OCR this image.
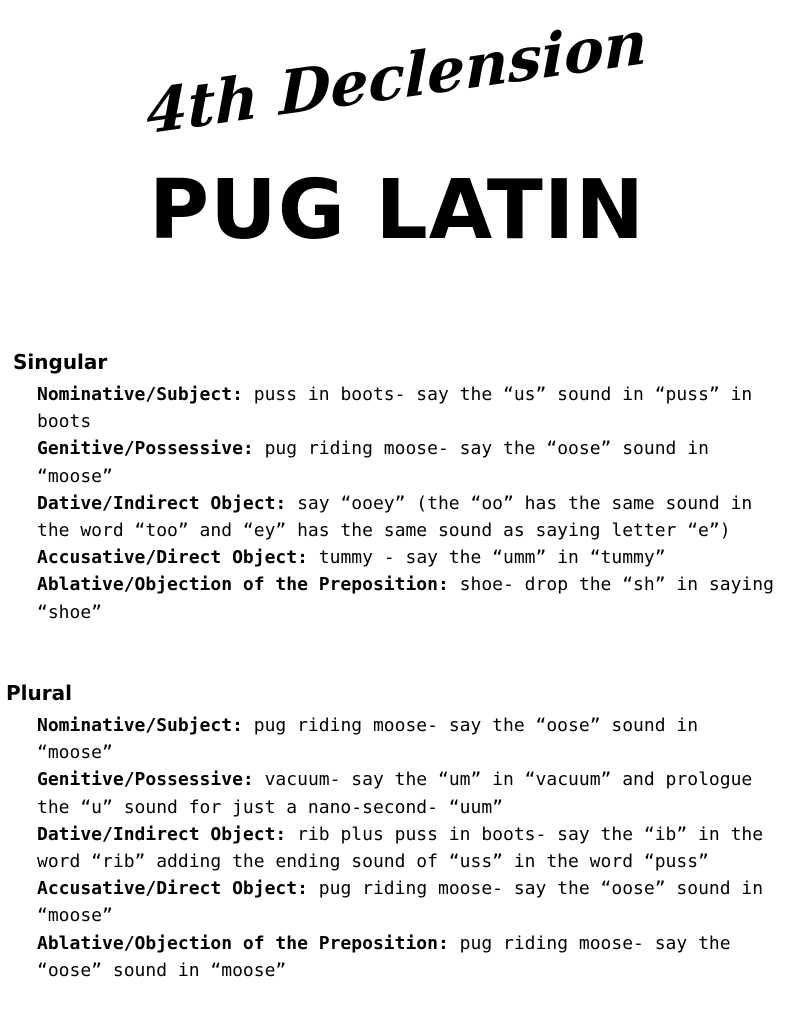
4th Declension
PUG LATIN
Singular
Nominative/Subject: puss in boots- say the “us” sound in “puss” in boots
Genitive/Possessive: pug riding moose- say the “oose” sound in “moose”
Dative/Indirect Object: say “ooey” (the “oo” has the same sound in the word “too” and “ey” has the same sound as saying letter “e”)
Accusative/Direct Object: tummy - say the “umm” in “tummy”
Ablative/Objection of the Preposition: shoe- drop the “sh” in saying “shoe”
Plural
Nominative/Subject: pug riding moose- say the “oose” sound in “moose”
Genitive/Possessive: vacuum- say the “um” in “vacuum” and prologue the “u” sound for just a nano-second- “uum”
Dative/Indirect Object: rib plus puss in boots- say the “ib” in the word “rib” adding the ending sound of “uss” in the word “puss”
Accusative/Direct Object: pug riding moose- say the “oose” sound in “moose”
Ablative/Objection of the Preposition: pug riding moose- say the “oose” sound in “moose”
